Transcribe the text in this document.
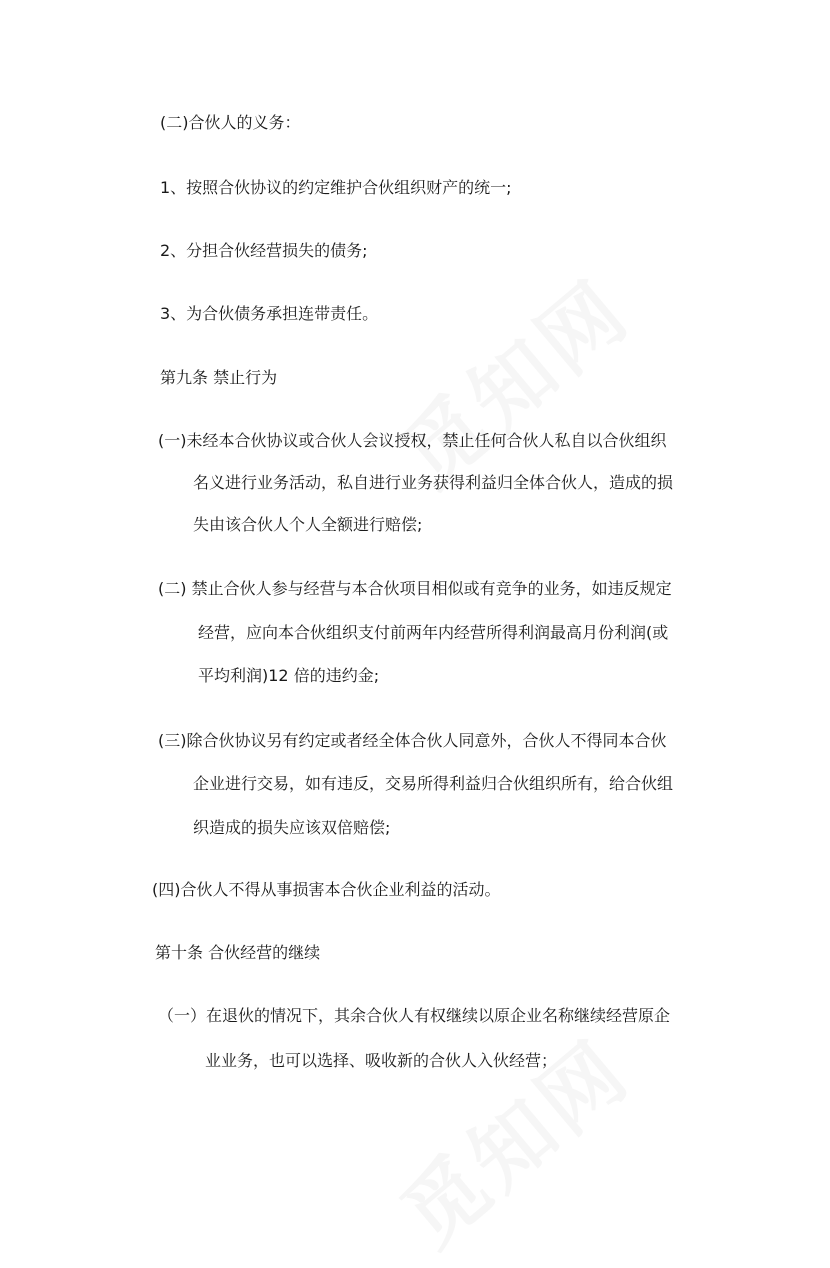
(二)合伙人的义务：
1、按照合伙协议的约定维护合伙组织财产的统一;
2、分担合伙经营损失的债务;
3、为合伙债务承担连带责任。
第九条 禁止行为
(一)未经本合伙协议或合伙人会议授权，禁止任何合伙人私自以合伙组织
名义进行业务活动，私自进行业务获得利益归全体合伙人，造成的损
失由该合伙人个人全额进行赔偿;
(二) 禁止合伙人参与经营与本合伙项目相似或有竞争的业务，如违反规定
经营，应向本合伙组织支付前两年内经营所得利润最高月份利润(或
平均利润)12 倍的违约金;
(三)除合伙协议另有约定或者经全体合伙人同意外，合伙人不得同本合伙
企业进行交易，如有违反，交易所得利益归合伙组织所有，给合伙组
织造成的损失应该双倍赔偿;
(四)合伙人不得从事损害本合伙企业利益的活动。
第十条 合伙经营的继续
（一）在退伙的情况下，其余合伙人有权继续以原企业名称继续经营原企
业业务，也可以选择、吸收新的合伙人入伙经营；
